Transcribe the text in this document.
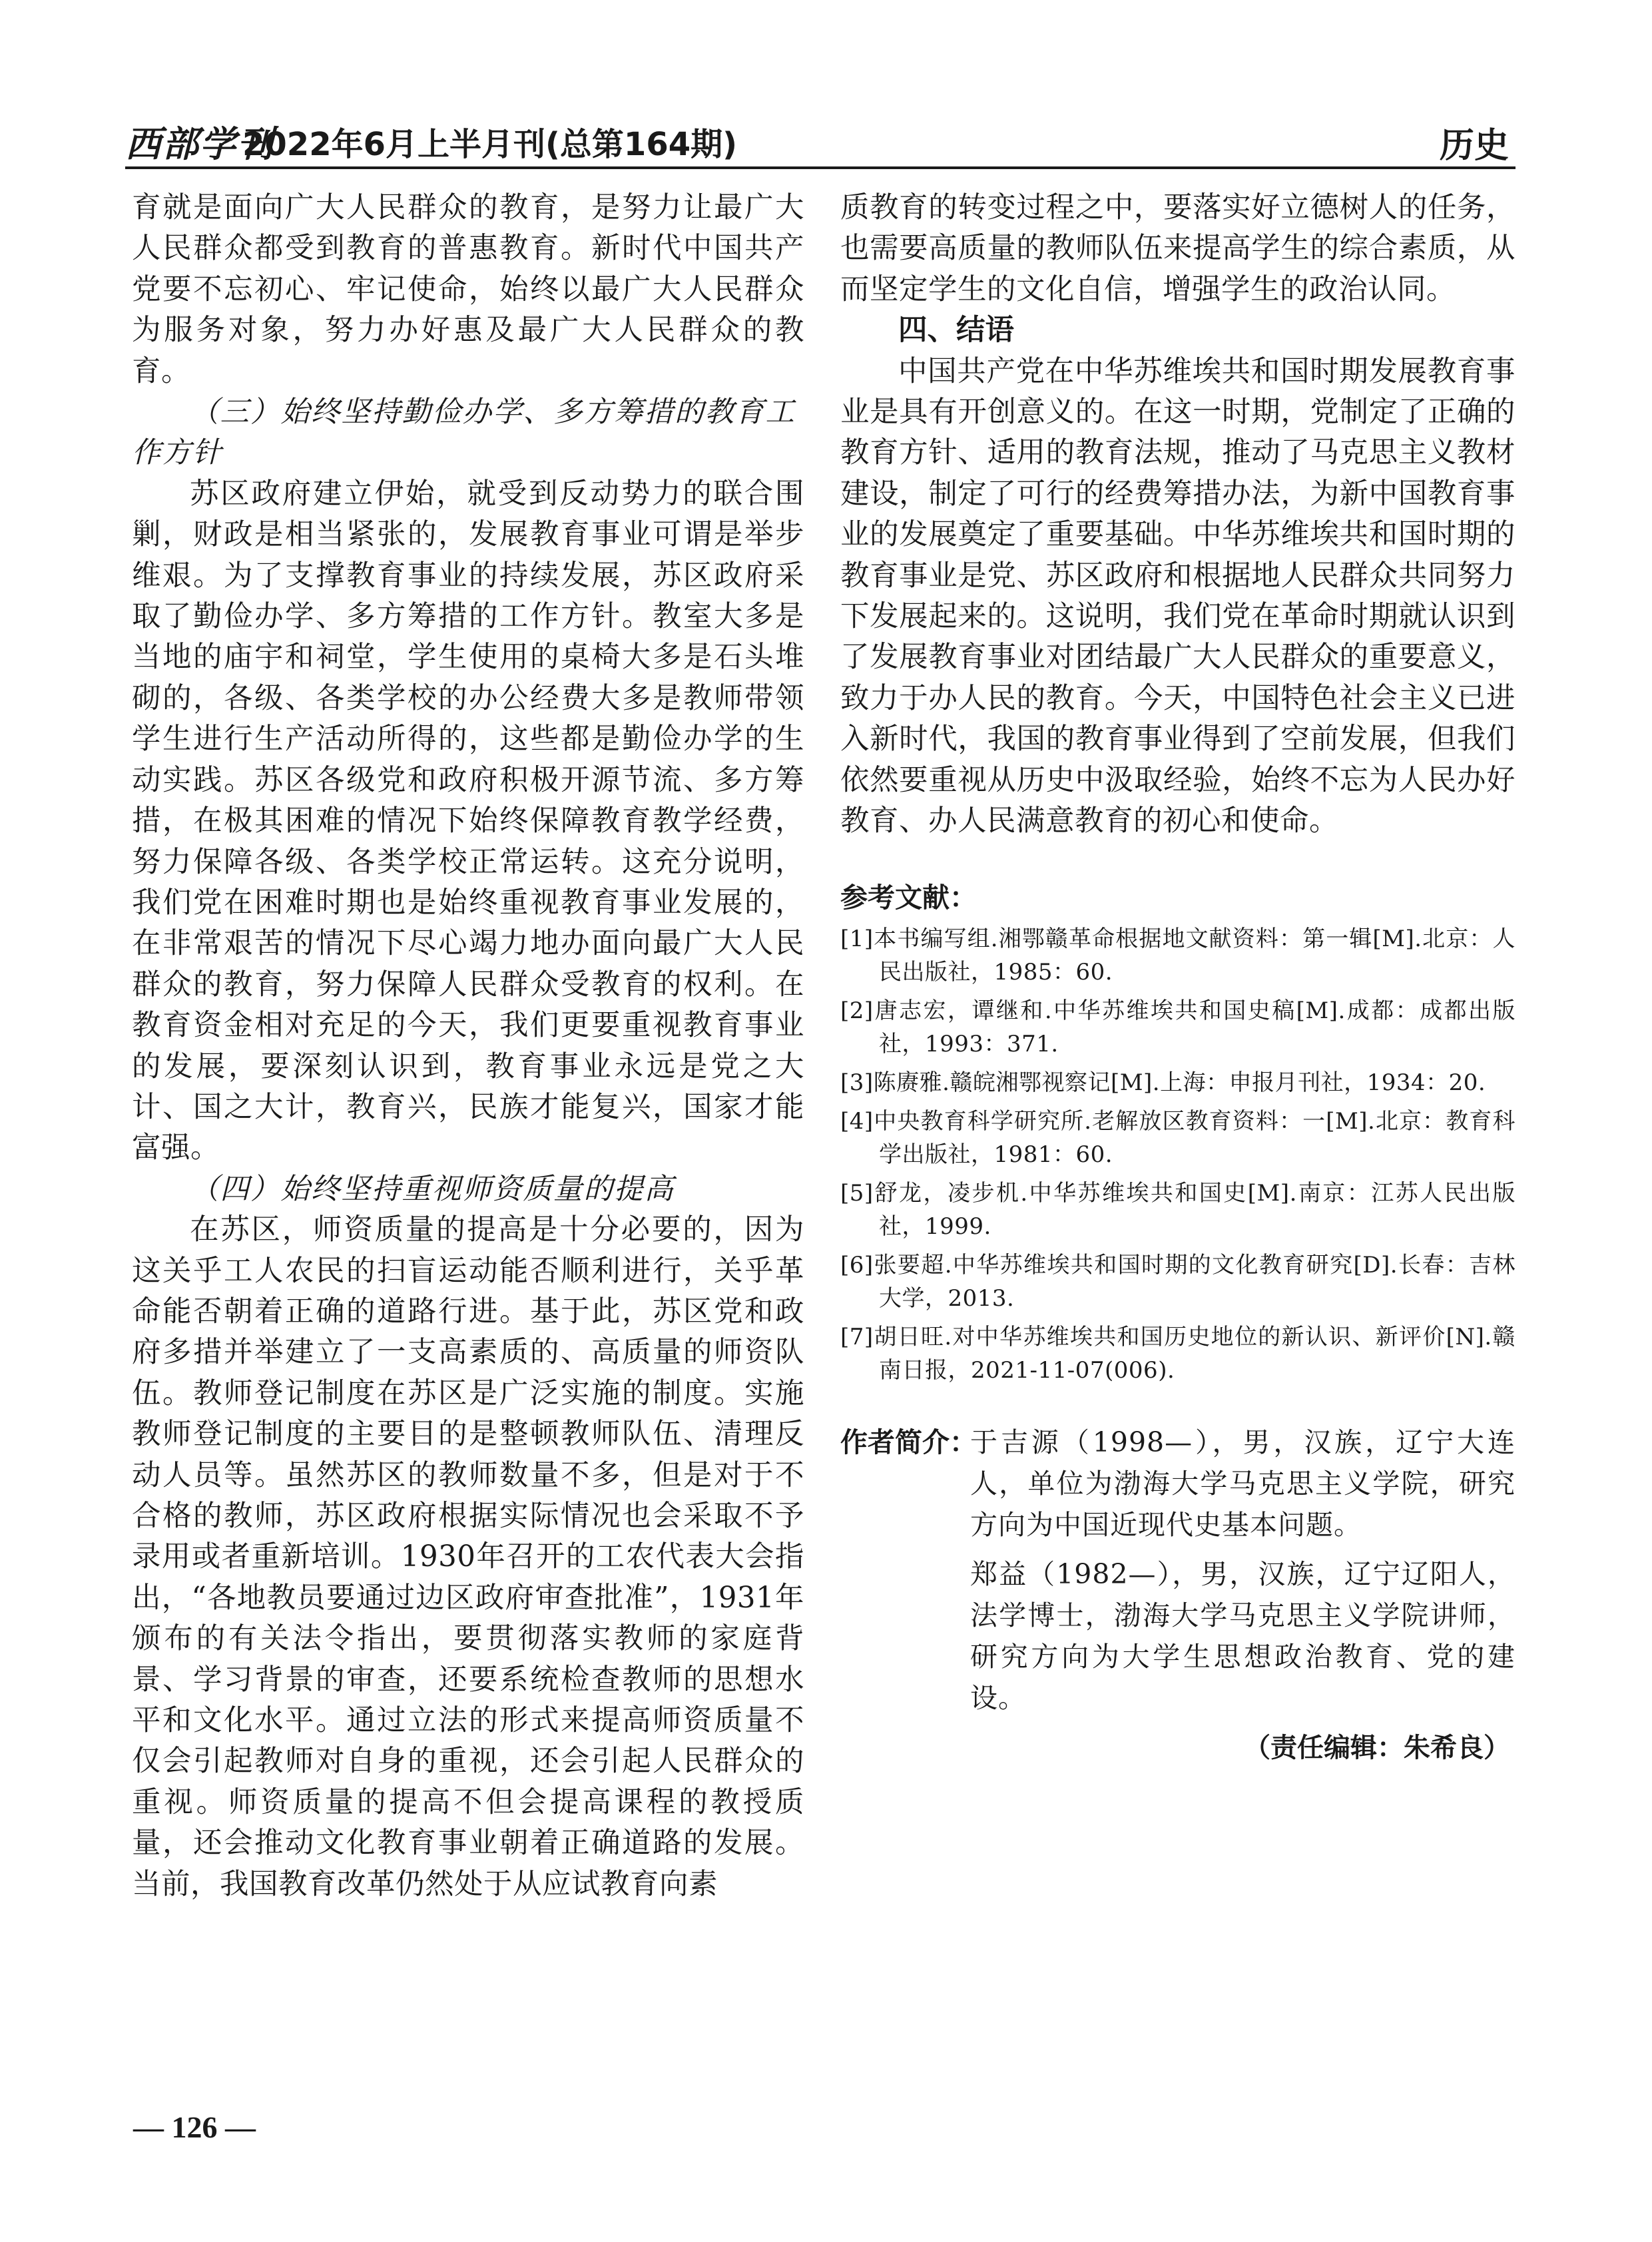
西部学刊
2022年6月上半月刊(总第164期)	历史

育就是面向广大人民群众的教育，是努力让最广大人民群众都受到教育的普惠教育。新时代中国共产党要不忘初心、牢记使命，始终以最广大人民群众为服务对象，努力办好惠及最广大人民群众的教育。

（三）始终坚持勤俭办学、多方筹措的教育工作方针

苏区政府建立伊始，就受到反动势力的联合围剿，财政是相当紧张的，发展教育事业可谓是举步维艰。为了支撑教育事业的持续发展，苏区政府采取了勤俭办学、多方筹措的工作方针。教室大多是当地的庙宇和祠堂，学生使用的桌椅大多是石头堆砌的，各级、各类学校的办公经费大多是教师带领学生进行生产活动所得的，这些都是勤俭办学的生动实践。苏区各级党和政府积极开源节流、多方筹措，在极其困难的情况下始终保障教育教学经费，努力保障各级、各类学校正常运转。这充分说明，我们党在困难时期也是始终重视教育事业发展的，在非常艰苦的情况下尽心竭力地办面向最广大人民群众的教育，努力保障人民群众受教育的权利。在教育资金相对充足的今天，我们更要重视教育事业的发展，要深刻认识到，教育事业永远是党之大计、国之大计，教育兴，民族才能复兴，国家才能富强。

（四）始终坚持重视师资质量的提高

在苏区，师资质量的提高是十分必要的，因为这关乎工人农民的扫盲运动能否顺利进行，关乎革命能否朝着正确的道路行进。基于此，苏区党和政府多措并举建立了一支高素质的、高质量的师资队伍。教师登记制度在苏区是广泛实施的制度。实施教师登记制度的主要目的是整顿教师队伍、清理反动人员等。虽然苏区的教师数量不多，但是对于不合格的教师，苏区政府根据实际情况也会采取不予录用或者重新培训。1930年召开的工农代表大会指出，“各地教员要通过边区政府审查批准”，1931年颁布的有关法令指出，要贯彻落实教师的家庭背景、学习背景的审查，还要系统检查教师的思想水平和文化水平。通过立法的形式来提高师资质量不仅会引起教师对自身的重视，还会引起人民群众的重视。师资质量的提高不但会提高课程的教授质量，还会推动文化教育事业朝着正确道路的发展。当前，我国教育改革仍然处于从应试教育向素

质教育的转变过程之中，要落实好立德树人的任务，也需要高质量的教师队伍来提高学生的综合素质，从而坚定学生的文化自信，增强学生的政治认同。

四、结语

中国共产党在中华苏维埃共和国时期发展教育事业是具有开创意义的。在这一时期，党制定了正确的教育方针、适用的教育法规，推动了马克思主义教材建设，制定了可行的经费筹措办法，为新中国教育事业的发展奠定了重要基础。中华苏维埃共和国时期的教育事业是党、苏区政府和根据地人民群众共同努力下发展起来的。这说明，我们党在革命时期就认识到了发展教育事业对团结最广大人民群众的重要意义，致力于办人民的教育。今天，中国特色社会主义已进入新时代，我国的教育事业得到了空前发展，但我们依然要重视从历史中汲取经验，始终不忘为人民办好教育、办人民满意教育的初心和使命。

参考文献：

[1]本书编写组.湘鄂赣革命根据地文献资料：第一辑[M].北京：人民出版社，1985：60.

[2]唐志宏，谭继和.中华苏维埃共和国史稿[M].成都：成都出版社，1993：371.

[3]陈赓雅.赣皖湘鄂视察记[M].上海：申报月刊社，1934：20.

[4]中央教育科学研究所.老解放区教育资料：一[M].北京：教育科学出版社，1981：60.

[5]舒龙，凌步机.中华苏维埃共和国史[M].南京：江苏人民出版社，1999.

[6]张要超.中华苏维埃共和国时期的文化教育研究[D].长春：吉林大学，2013.

[7]胡日旺.对中华苏维埃共和国历史地位的新认识、新评价[N].赣南日报，2021-11-07(006).

作者简介：

于吉源（1998—），男，汉族，辽宁大连人，单位为渤海大学马克思主义学院，研究方向为中国近现代史基本问题。

郑益（1982—），男，汉族，辽宁辽阳人，法学博士，渤海大学马克思主义学院讲师，研究方向为大学生思想政治教育、党的建设。

（责任编辑：朱希良）

— 126 —
